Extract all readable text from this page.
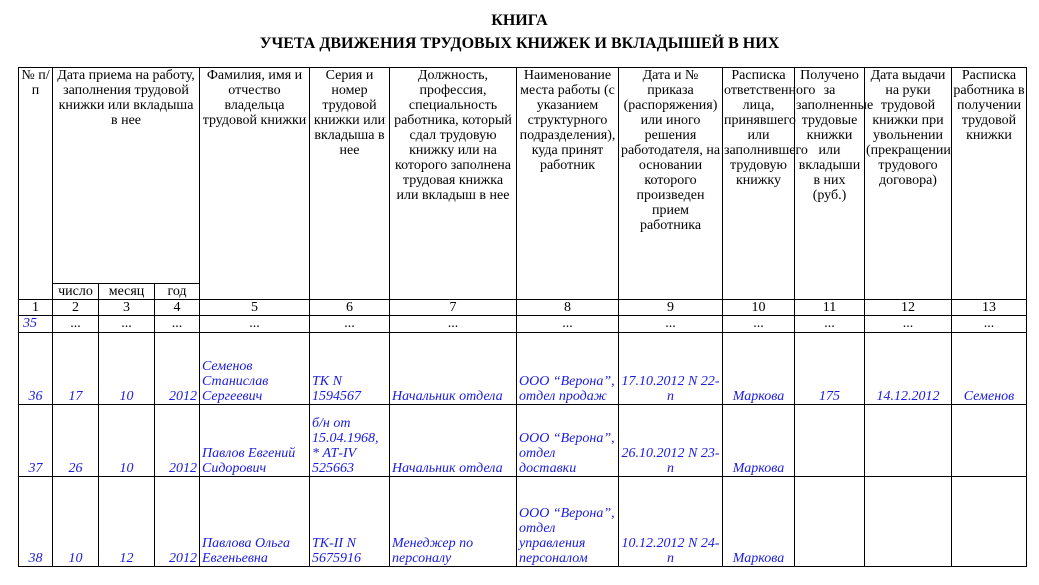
КНИГА
УЧЕТА ДВИЖЕНИЯ ТРУДОВЫХ КНИЖЕК И ВКЛАДЫШЕЙ В НИХ
№ п/п	Дата приема на работу, заполнения трудовой книжки или вкладыша в нее			Фамилия, имя и отчество владельца трудовой книжки	Серия и номер трудовой книжки или вкладыша в нее	Должность, профессия, специальность работника, который сдал трудовую книжку или на которого заполнена трудовая книжка или вкладыш в нее	Наименование места работы (с указанием структурного подразделения), куда принят работник	Дата и № приказа (распоряжения) или иного решения работодателя, на основании которого произведен прием работника	Расписка ответственного лица, принявшего или заполнившего трудовую книжку	Получено за заполненные трудовые книжки или вкладыши в них (руб.)	Дата выдачи на руки трудовой книжки при увольнении (прекращении трудового договора)	Расписка работника в получении трудовой книжки
	число	месяц	год									
1	2	3	4	5	6	7	8	9	10	11	12	13
35	...	...	...	...	...	...	...	...	...	...	...	...
36	17	10	2012	Семенов Станислав Сергеевич	ТК N 1594567	Начальник отдела	ООО “Верона”, отдел продаж	17.10.2012 N 22-п	Маркова	175	14.12.2012	Семенов
37	26	10	2012	Павлов Евгений Сидорович	б/н от 15.04.1968, * АТ-IV 525663	Начальник отдела	ООО “Верона”, отдел доставки	26.10.2012 N 23-п	Маркова			
38	10	12	2012	Павлова Ольга Евгеньевна	ТК-II N 5675916	Менеджер по персоналу	ООО “Верона”, отдел управления персоналом	10.12.2012 N 24-п	Маркова			
